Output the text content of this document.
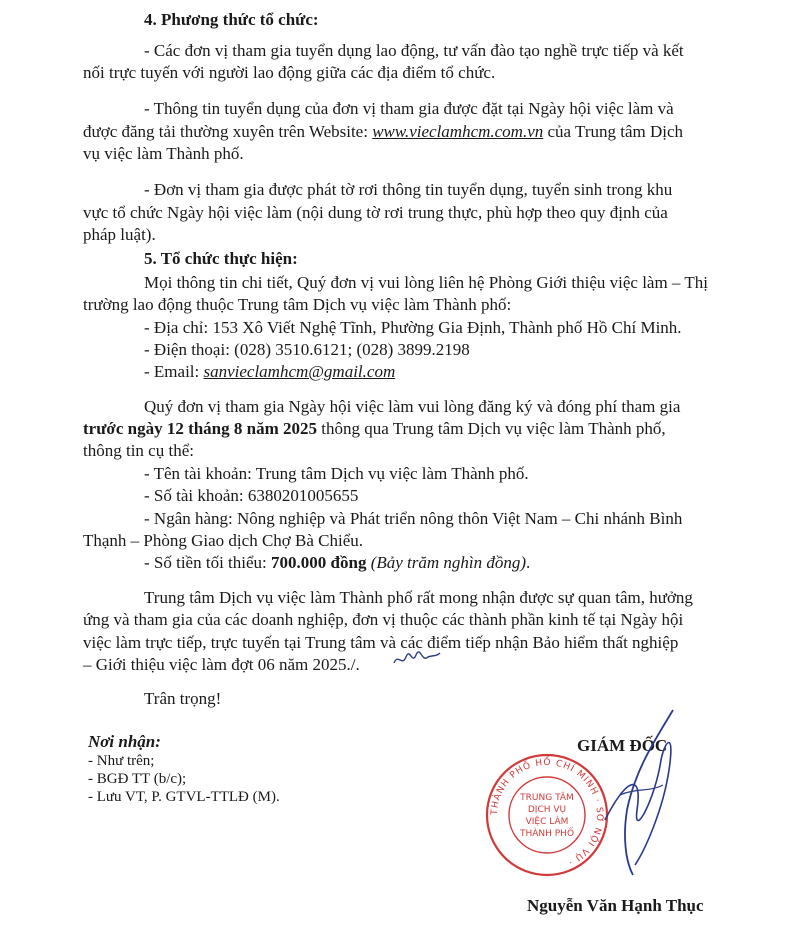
4. Phương thức tổ chức:
- Các đơn vị tham gia tuyển dụng lao động, tư vấn đào tạo nghề trực tiếp và kết
nối trực tuyến với người lao động giữa các địa điểm tổ chức.
- Thông tin tuyển dụng của đơn vị tham gia được đặt tại Ngày hội việc làm và
được đăng tải thường xuyên trên Website: www.vieclamhcm.com.vn của Trung tâm Dịch
vụ việc làm Thành phố.
- Đơn vị tham gia được phát tờ rơi thông tin tuyển dụng, tuyển sinh trong khu
vực tổ chức Ngày hội việc làm (nội dung tờ rơi trung thực, phù hợp theo quy định của
pháp luật).
5. Tổ chức thực hiện:
Mọi thông tin chi tiết, Quý đơn vị vui lòng liên hệ Phòng Giới thiệu việc làm – Thị
trường lao động thuộc Trung tâm Dịch vụ việc làm Thành phố:
- Địa chỉ: 153 Xô Viết Nghệ Tĩnh, Phường Gia Định, Thành phố Hồ Chí Minh.
- Điện thoại: (028) 3510.6121; (028) 3899.2198
- Email: sanvieclamhcm@gmail.com
Quý đơn vị tham gia Ngày hội việc làm vui lòng đăng ký và đóng phí tham gia
trước ngày 12 tháng 8 năm 2025 thông qua Trung tâm Dịch vụ việc làm Thành phố,
thông tin cụ thể:
- Tên tài khoản: Trung tâm Dịch vụ việc làm Thành phố.
- Số tài khoản: 6380201005655
- Ngân hàng: Nông nghiệp và Phát triển nông thôn Việt Nam – Chi nhánh Bình
Thạnh – Phòng Giao dịch Chợ Bà Chiểu.
- Số tiền tối thiểu: 700.000 đồng (Bảy trăm nghìn đồng).
Trung tâm Dịch vụ việc làm Thành phố rất mong nhận được sự quan tâm, hưởng
ứng và tham gia của các doanh nghiệp, đơn vị thuộc các thành phần kinh tế tại Ngày hội
việc làm trực tiếp, trực tuyến tại Trung tâm và các điểm tiếp nhận Bảo hiểm thất nghiệp
– Giới thiệu việc làm đợt 06 năm 2025./.
Trân trọng!
Nơi nhận:
- Như trên;
- BGĐ TT (b/c);
- Lưu VT, P. GTVL-TTLĐ (M).
GIÁM ĐỐC
THÀNH PHỐ HỒ CHÍ MINH · SỞ NỘI VỤ ·
TRUNG TÂM
DỊCH VỤ
VIỆC LÀM
THÀNH PHỐ
Nguyễn Văn Hạnh Thục
